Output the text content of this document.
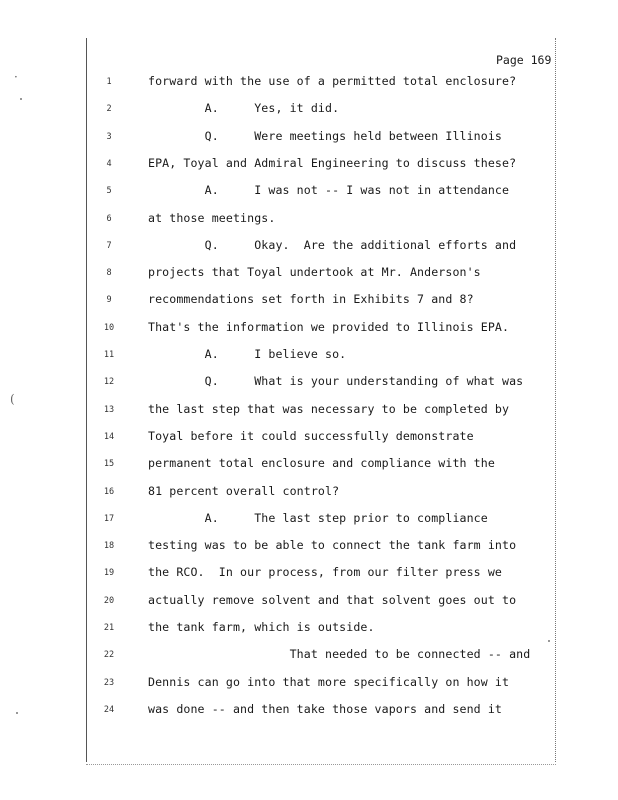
Page 169
1	forward with the use of a permitted total enclosure?
2	A.     Yes, it did.
3	Q.     Were meetings held between Illinois
4	EPA, Toyal and Admiral Engineering to discuss these?
5	A.     I was not -- I was not in attendance
6	at those meetings.
7	Q.     Okay.  Are the additional efforts and
8	projects that Toyal undertook at Mr. Anderson's
9	recommendations set forth in Exhibits 7 and 8?
10	That's the information we provided to Illinois EPA.
11	A.     I believe so.
12	Q.     What is your understanding of what was
13	the last step that was necessary to be completed by
14	Toyal before it could successfully demonstrate
15	permanent total enclosure and compliance with the
16	81 percent overall control?
17	A.     The last step prior to compliance
18	testing was to be able to connect the tank farm into
19	the RCO.  In our process, from our filter press we
20	actually remove solvent and that solvent goes out to
21	the tank farm, which is outside.
22	That needed to be connected -- and
23	Dennis can go into that more specifically on how it
24	was done -- and then take those vapors and send it
·
(
